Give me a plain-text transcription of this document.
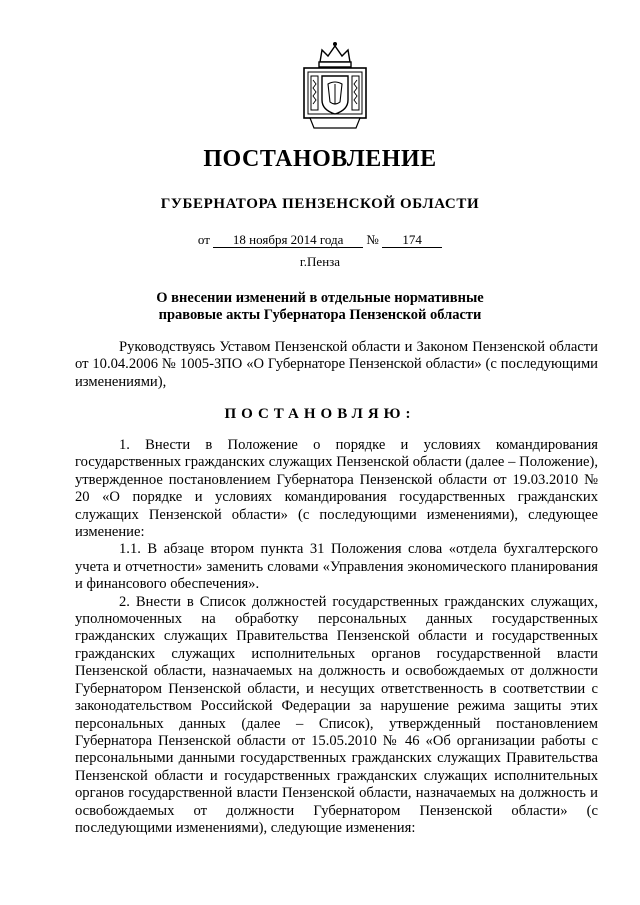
ПОСТАНОВЛЕНИЕ
ГУБЕРНАТОРА ПЕНЗЕНСКОЙ ОБЛАСТИ
от 18 ноября 2014 года № 174
г.Пенза
О внесении изменений в отдельные нормативные
правовые акты Губернатора Пензенской области

Руководствуясь Уставом Пензенской области и Законом Пензенской области от 10.04.2006 № 1005-ЗПО «О Губернаторе Пензенской области» (с последующими изменениями),

ПОСТАНОВЛЯЮ:

1. Внести в Положение о порядке и условиях командирования государственных гражданских служащих Пензенской области (далее – Положение), утвержденное постановлением Губернатора Пензенской области от 19.03.2010 № 20 «О порядке и условиях командирования государственных гражданских служащих Пензенской области» (с последующими изменениями), следующее изменение:

1.1. В абзаце втором пункта 31 Положения слова «отдела бухгалтерского учета и отчетности» заменить словами «Управления экономического планирования и финансового обеспечения».

2. Внести в Список должностей государственных гражданских служащих, уполномоченных на обработку персональных данных государственных гражданских служащих Правительства Пензенской области и государственных гражданских служащих исполнительных органов государственной власти Пензенской области, назначаемых на должность и освобождаемых от должности Губернатором Пензенской области, и несущих ответственность в соответствии с законодательством Российской Федерации за нарушение режима защиты этих персональных данных (далее – Список), утвержденный постановлением Губернатора Пензенской области от 15.05.2010 № 46 «Об организации работы с персональными данными государственных гражданских служащих Правительства Пензенской области и государственных гражданских служащих исполнительных органов государственной власти Пензенской области, назначаемых на должность и освобождаемых от должности Губернатором Пензенской области» (с последующими изменениями), следующие изменения:
